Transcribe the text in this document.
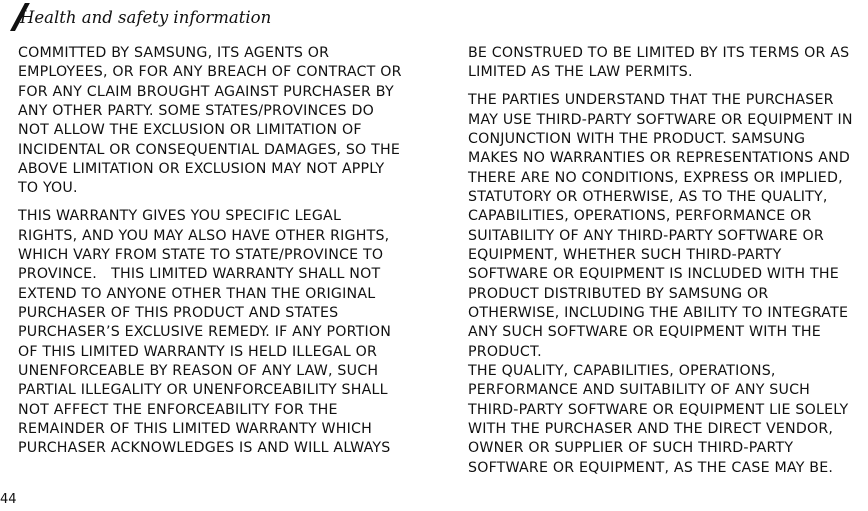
Health and safety information

COMMITTED BY SAMSUNG, ITS AGENTS OR

EMPLOYEES, OR FOR ANY BREACH OF CONTRACT OR

FOR ANY CLAIM BROUGHT AGAINST PURCHASER BY

ANY OTHER PARTY. SOME STATES/PROVINCES DO

NOT ALLOW THE EXCLUSION OR LIMITATION OF

INCIDENTAL OR CONSEQUENTIAL DAMAGES, SO THE

ABOVE LIMITATION OR EXCLUSION MAY NOT APPLY

TO YOU.

THIS WARRANTY GIVES YOU SPECIFIC LEGAL

RIGHTS, AND YOU MAY ALSO HAVE OTHER RIGHTS,

WHICH VARY FROM STATE TO STATE/PROVINCE TO

PROVINCE.   THIS LIMITED WARRANTY SHALL NOT

EXTEND TO ANYONE OTHER THAN THE ORIGINAL

PURCHASER OF THIS PRODUCT AND STATES

PURCHASER’S EXCLUSIVE REMEDY. IF ANY PORTION

OF THIS LIMITED WARRANTY IS HELD ILLEGAL OR

UNENFORCEABLE BY REASON OF ANY LAW, SUCH

PARTIAL ILLEGALITY OR UNENFORCEABILITY SHALL

NOT AFFECT THE ENFORCEABILITY FOR THE

REMAINDER OF THIS LIMITED WARRANTY WHICH

PURCHASER ACKNOWLEDGES IS AND WILL ALWAYS

BE CONSTRUED TO BE LIMITED BY ITS TERMS OR AS

LIMITED AS THE LAW PERMITS.

THE PARTIES UNDERSTAND THAT THE PURCHASER

MAY USE THIRD-PARTY SOFTWARE OR EQUIPMENT IN

CONJUNCTION WITH THE PRODUCT. SAMSUNG

MAKES NO WARRANTIES OR REPRESENTATIONS AND

THERE ARE NO CONDITIONS, EXPRESS OR IMPLIED,

STATUTORY OR OTHERWISE, AS TO THE QUALITY,

CAPABILITIES, OPERATIONS, PERFORMANCE OR

SUITABILITY OF ANY THIRD-PARTY SOFTWARE OR

EQUIPMENT, WHETHER SUCH THIRD-PARTY

SOFTWARE OR EQUIPMENT IS INCLUDED WITH THE

PRODUCT DISTRIBUTED BY SAMSUNG OR

OTHERWISE, INCLUDING THE ABILITY TO INTEGRATE

ANY SUCH SOFTWARE OR EQUIPMENT WITH THE

PRODUCT.

THE QUALITY, CAPABILITIES, OPERATIONS,

PERFORMANCE AND SUITABILITY OF ANY SUCH

THIRD-PARTY SOFTWARE OR EQUIPMENT LIE SOLELY

WITH THE PURCHASER AND THE DIRECT VENDOR,

OWNER OR SUPPLIER OF SUCH THIRD-PARTY

SOFTWARE OR EQUIPMENT, AS THE CASE MAY BE.

44
